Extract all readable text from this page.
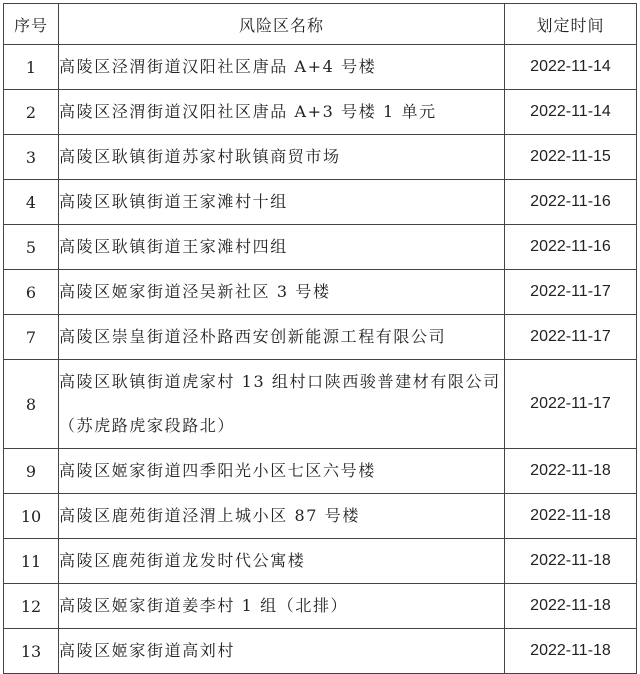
序号	风险区名称	划定时间
1	高陵区泾渭街道汉阳社区唐品 A+4 号楼	2022-11-14
2	高陵区泾渭街道汉阳社区唐品 A+3 号楼 1 单元	2022-11-14
3	高陵区耿镇街道苏家村耿镇商贸市场	2022-11-15
4	高陵区耿镇街道王家滩村十组	2022-11-16
5	高陵区耿镇街道王家滩村四组	2022-11-16
6	高陵区姬家街道泾吴新社区 3 号楼	2022-11-17
7	高陵区崇皇街道泾朴路西安创新能源工程有限公司	2022-11-17
8	高陵区耿镇街道虎家村 13 组村口陕西骏普建材有限公司（苏虎路虎家段路北）	2022-11-17
9	高陵区姬家街道四季阳光小区七区六号楼	2022-11-18
10	高陵区鹿苑街道泾渭上城小区 87 号楼	2022-11-18
11	高陵区鹿苑街道龙发时代公寓楼	2022-11-18
12	高陵区姬家街道姜李村 1 组（北排）	2022-11-18
13	高陵区姬家街道高刘村	2022-11-18
